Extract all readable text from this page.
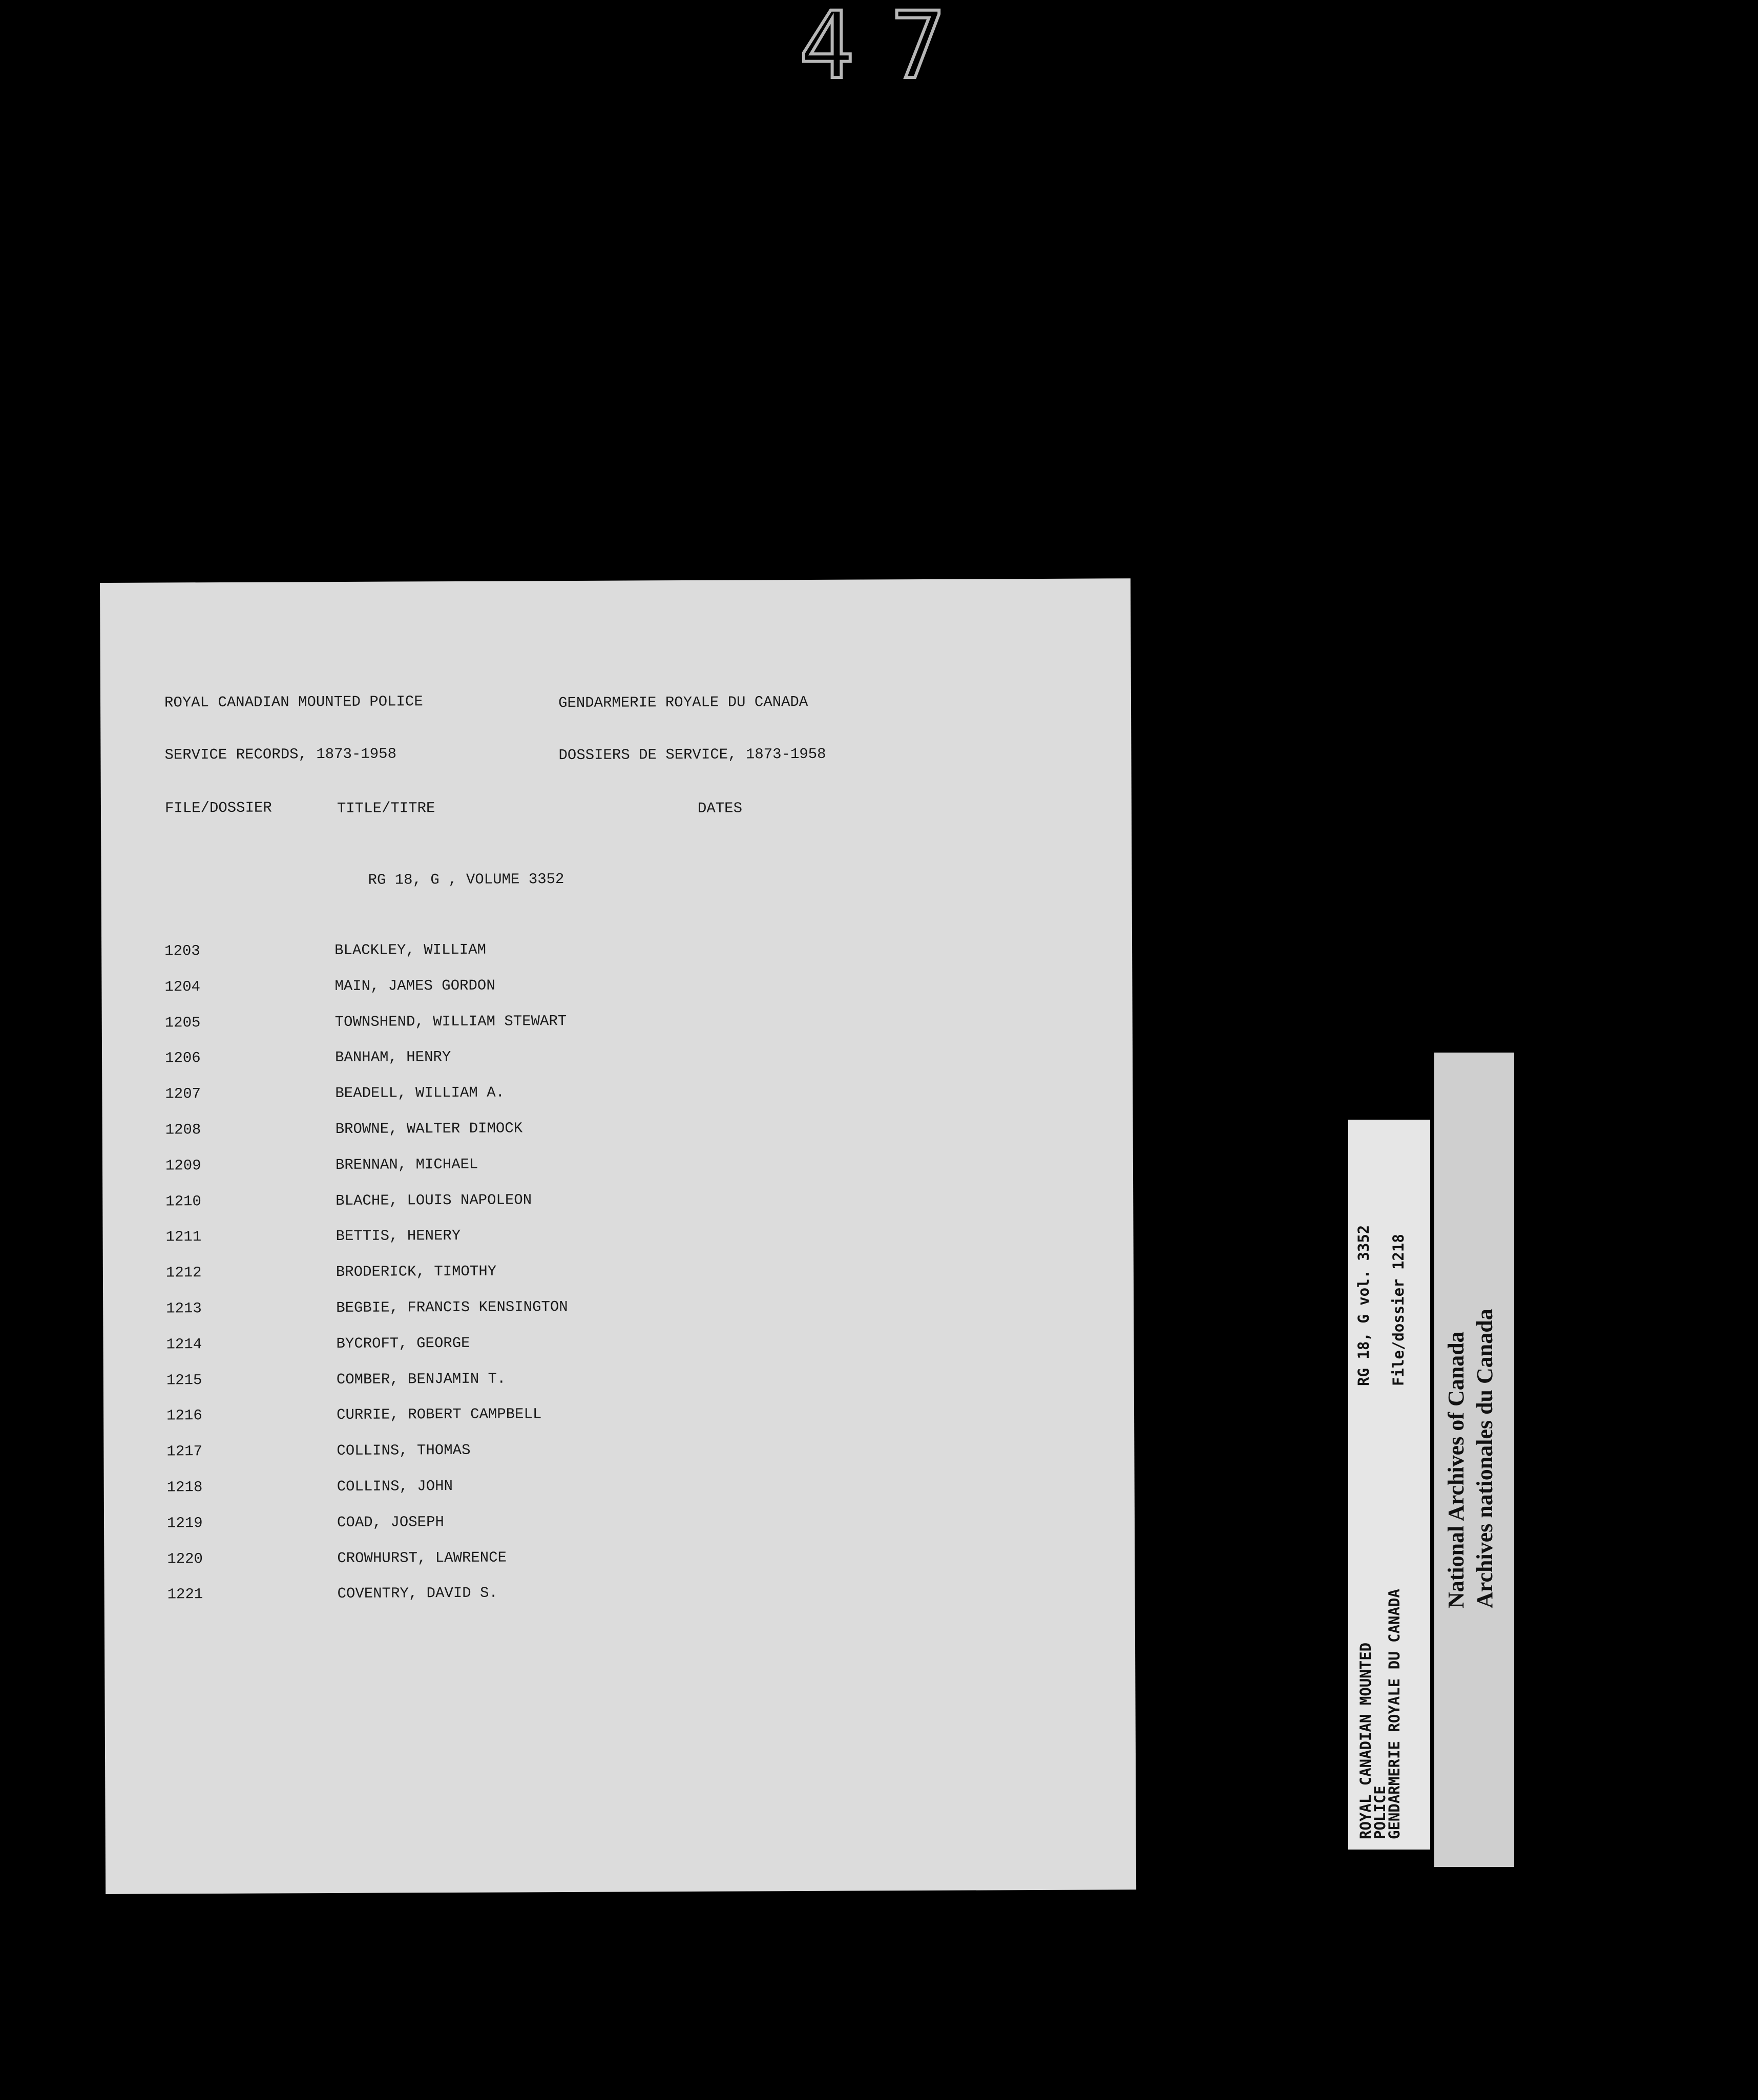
47
ROYAL CANADIAN MOUNTED POLICE	GENDARMERIE ROYALE DU CANADA
SERVICE RECORDS, 1873-1958	DOSSIERS DE SERVICE, 1873-1958
FILE/DOSSIER	TITLE/TITRE	DATES
RG 18, G , VOLUME 3352
1203	BLACKLEY, WILLIAM
1204	MAIN, JAMES GORDON
1205	TOWNSHEND, WILLIAM STEWART
1206	BANHAM, HENRY
1207	BEADELL, WILLIAM A.
1208	BROWNE, WALTER DIMOCK
1209	BRENNAN, MICHAEL
1210	BLACHE, LOUIS NAPOLEON
1211	BETTIS, HENERY
1212	BRODERICK, TIMOTHY
1213	BEGBIE, FRANCIS KENSINGTON
1214	BYCROFT, GEORGE
1215	COMBER, BENJAMIN T.
1216	CURRIE, ROBERT CAMPBELL
1217	COLLINS, THOMAS
1218	COLLINS, JOHN
1219	COAD, JOSEPH
1220	CROWHURST, LAWRENCE
1221	COVENTRY, DAVID S.
ROYAL CANADIAN MOUNTED
POLICE
GENDARMERIE ROYALE DU CANADA
RG 18, G vol. 3352 File/dossier 1218
National Archives of Canada Archives nationales du Canada
